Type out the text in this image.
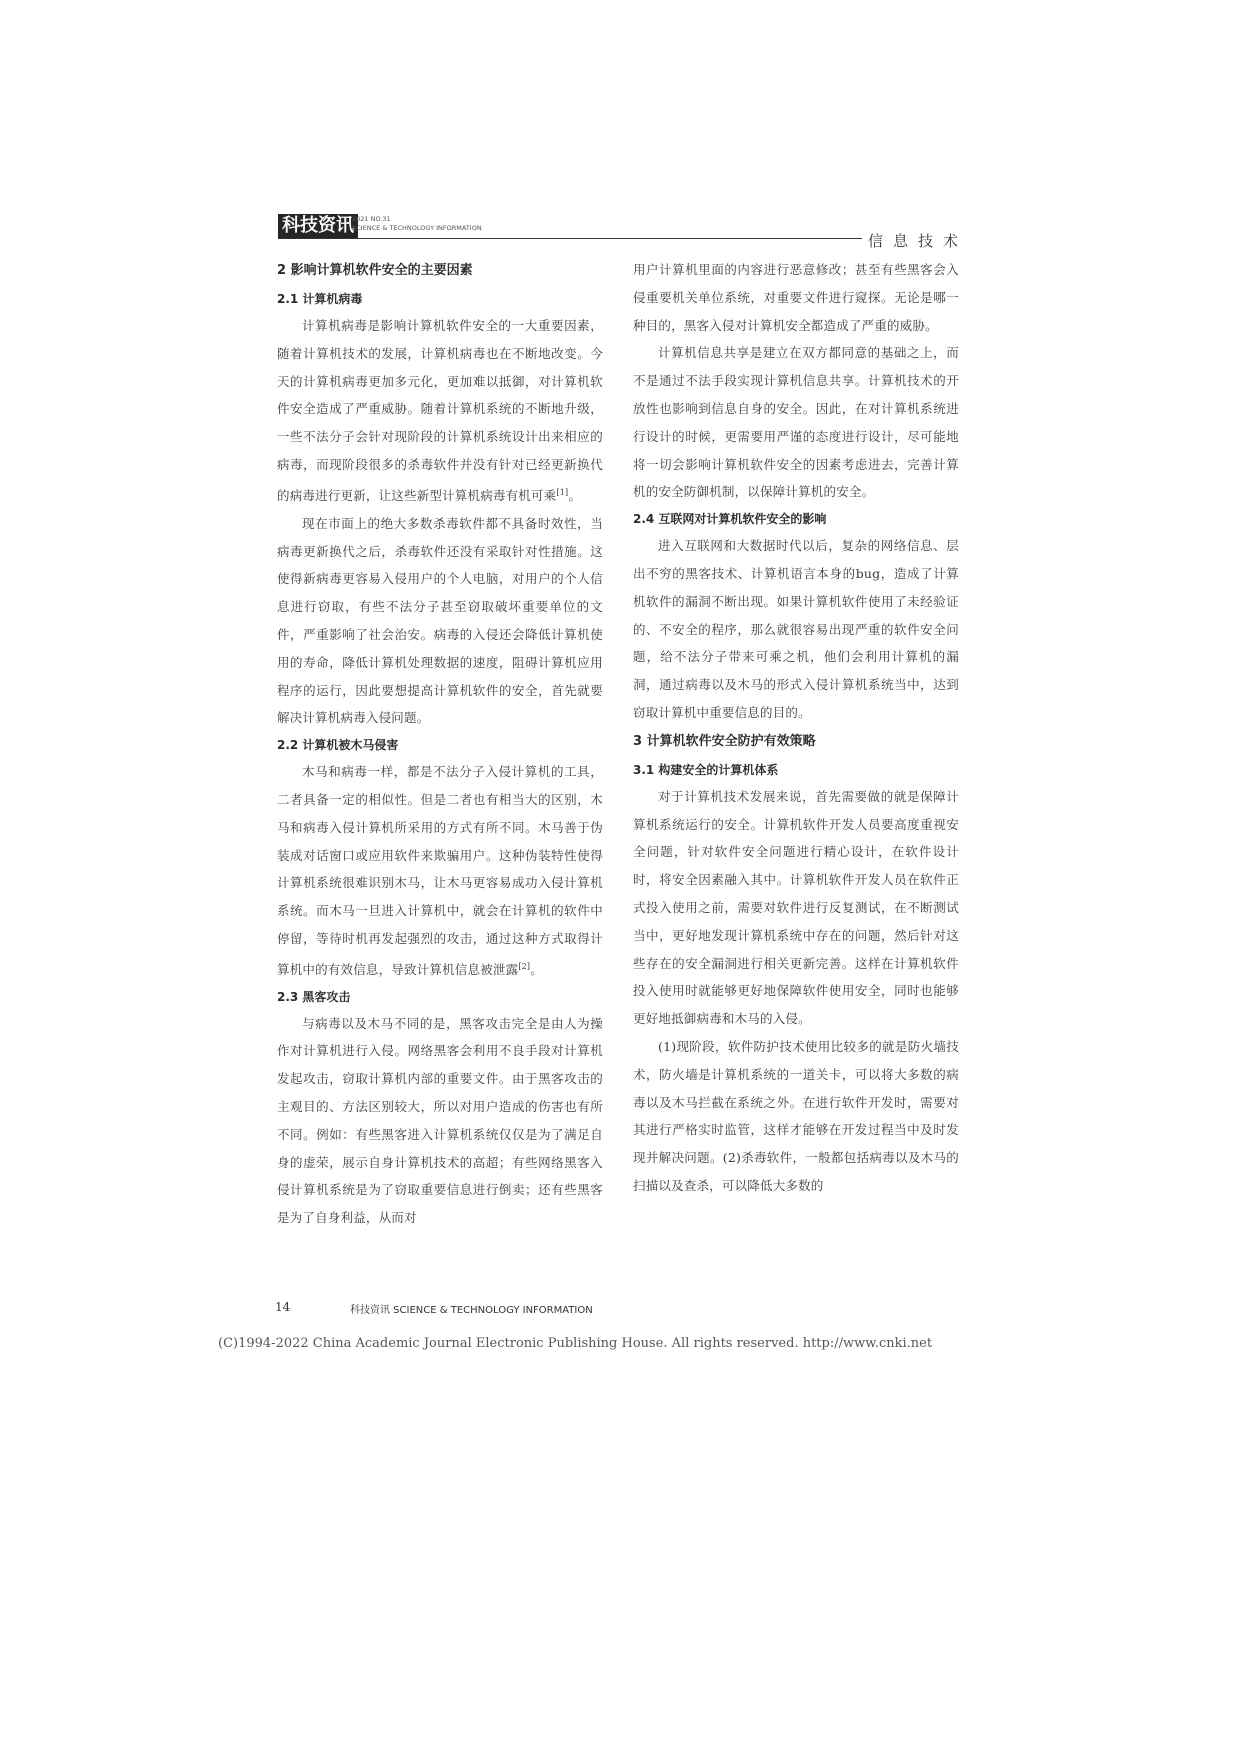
科技资讯
2021 NO.31
SCIENCE & TECHNOLOGY INFORMATION
信息技术
2 影响计算机软件安全的主要因素
2.1 计算机病毒

计算机病毒是影响计算机软件安全的一大重要因素，随着计算机技术的发展，计算机病毒也在不断地改变。今天的计算机病毒更加多元化，更加难以抵御，对计算机软件安全造成了严重威胁。随着计算机系统的不断地升级，一些不法分子会针对现阶段的计算机系统设计出来相应的病毒，而现阶段很多的杀毒软件并没有针对已经更新换代的病毒进行更新，让这些新型计算机病毒有机可乘[1]。

现在市面上的绝大多数杀毒软件都不具备时效性，当病毒更新换代之后，杀毒软件还没有采取针对性措施。这使得新病毒更容易入侵用户的个人电脑，对用户的个人信息进行窃取，有些不法分子甚至窃取破坏重要单位的文件，严重影响了社会治安。病毒的入侵还会降低计算机使用的寿命，降低计算机处理数据的速度，阻碍计算机应用程序的运行，因此要想提高计算机软件的安全，首先就要解决计算机病毒入侵问题。

2.2 计算机被木马侵害

木马和病毒一样，都是不法分子入侵计算机的工具，二者具备一定的相似性。但是二者也有相当大的区别，木马和病毒入侵计算机所采用的方式有所不同。木马善于伪装成对话窗口或应用软件来欺骗用户。这种伪装特性使得计算机系统很难识别木马，让木马更容易成功入侵计算机系统。而木马一旦进入计算机中，就会在计算机的软件中停留，等待时机再发起强烈的攻击，通过这种方式取得计算机中的有效信息，导致计算机信息被泄露[2]。

2.3 黑客攻击

与病毒以及木马不同的是，黑客攻击完全是由人为操作对计算机进行入侵。网络黑客会利用不良手段对计算机发起攻击，窃取计算机内部的重要文件。由于黑客攻击的主观目的、方法区别较大，所以对用户造成的伤害也有所不同。例如：有些黑客进入计算机系统仅仅是为了满足自身的虚荣，展示自身计算机技术的高超；有些网络黑客入侵计算机系统是为了窃取重要信息进行倒卖；还有些黑客是为了自身利益，从而对

用户计算机里面的内容进行恶意修改；甚至有些黑客会入侵重要机关单位系统，对重要文件进行窥探。无论是哪一种目的，黑客入侵对计算机安全都造成了严重的威胁。

计算机信息共享是建立在双方都同意的基础之上，而不是通过不法手段实现计算机信息共享。计算机技术的开放性也影响到信息自身的安全。因此，在对计算机系统进行设计的时候，更需要用严谨的态度进行设计，尽可能地将一切会影响计算机软件安全的因素考虑进去，完善计算机的安全防御机制，以保障计算机的安全。

2.4 互联网对计算机软件安全的影响

进入互联网和大数据时代以后，复杂的网络信息、层出不穷的黑客技术、计算机语言本身的bug，造成了计算机软件的漏洞不断出现。如果计算机软件使用了未经验证的、不安全的程序，那么就很容易出现严重的软件安全问题，给不法分子带来可乘之机，他们会利用计算机的漏洞，通过病毒以及木马的形式入侵计算机系统当中，达到窃取计算机中重要信息的目的。

3 计算机软件安全防护有效策略
3.1 构建安全的计算机体系

对于计算机技术发展来说，首先需要做的就是保障计算机系统运行的安全。计算机软件开发人员要高度重视安全问题，针对软件安全问题进行精心设计，在软件设计时，将安全因素融入其中。计算机软件开发人员在软件正式投入使用之前，需要对软件进行反复测试，在不断测试当中，更好地发现计算机系统中存在的问题，然后针对这些存在的安全漏洞进行相关更新完善。这样在计算机软件投入使用时就能够更好地保障软件使用安全，同时也能够更好地抵御病毒和木马的入侵。

(1)现阶段，软件防护技术使用比较多的就是防火墙技术，防火墙是计算机系统的一道关卡，可以将大多数的病毒以及木马拦截在系统之外。在进行软件开发时，需要对其进行严格实时监管，这样才能够在开发过程当中及时发现并解决问题。(2)杀毒软件，一般都包括病毒以及木马的扫描以及查杀，可以降低大多数的

14	科技资讯 SCIENCE & TECHNOLOGY INFORMATION
(C)1994-2022 China Academic Journal Electronic Publishing House. All rights reserved. http://www.cnki.net
